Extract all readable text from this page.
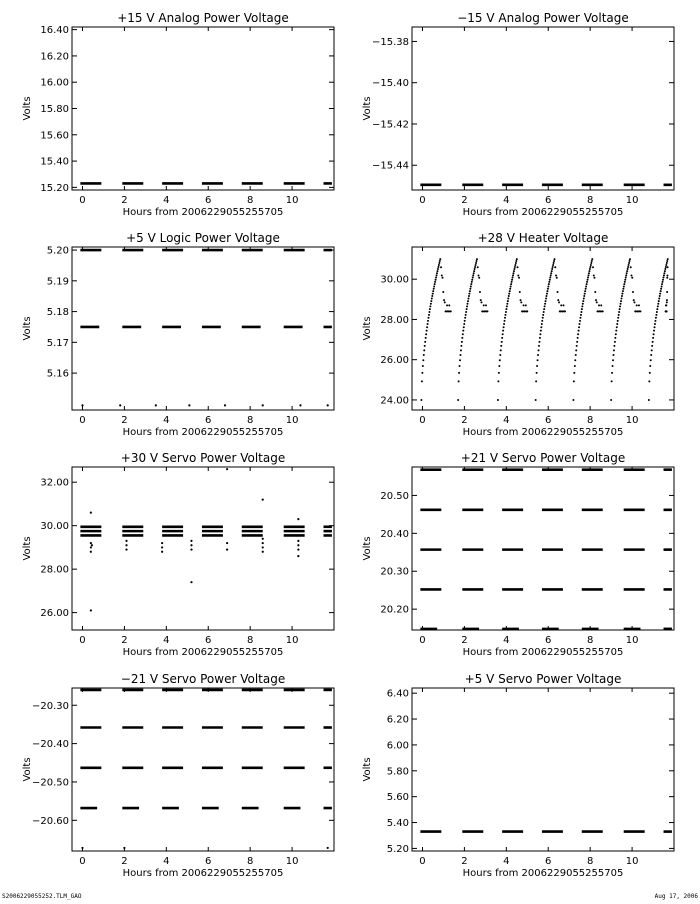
+15 V Analog Power Voltage
0	2	4	6	8	10
15.20
15.40
15.60
15.80
16.00
16.20
16.40
Hours from 2006229055255705
Volts
−15 V Analog Power Voltage
0	2	4	6	8	10
−15.44
−15.42
−15.40
−15.38
Hours from 2006229055255705
Volts
+5 V Logic Power Voltage
0	2	4	6	8	10
5.16
5.17
5.18
5.19
5.20
Hours from 2006229055255705
Volts
+28 V Heater Voltage
0	2	4	6	8	10
24.00
26.00
28.00
30.00
Hours from 2006229055255705
Volts
+30 V Servo Power Voltage
0	2	4	6	8	10
26.00
28.00
30.00
32.00
Hours from 2006229055255705
Volts
+21 V Servo Power Voltage
0	2	4	6	8	10
20.20
20.30
20.40
20.50
Hours from 2006229055255705
Volts
−21 V Servo Power Voltage
0	2	4	6	8	10
−20.60
−20.50
−20.40
−20.30
Hours from 2006229055255705
Volts
+5 V Servo Power Voltage
0	2	4	6	8	10
5.20
5.40
5.60
5.80
6.00
6.20
6.40
Hours from 2006229055255705
Volts
S2006229055252.TLM_GAO	Aug 17, 2006
